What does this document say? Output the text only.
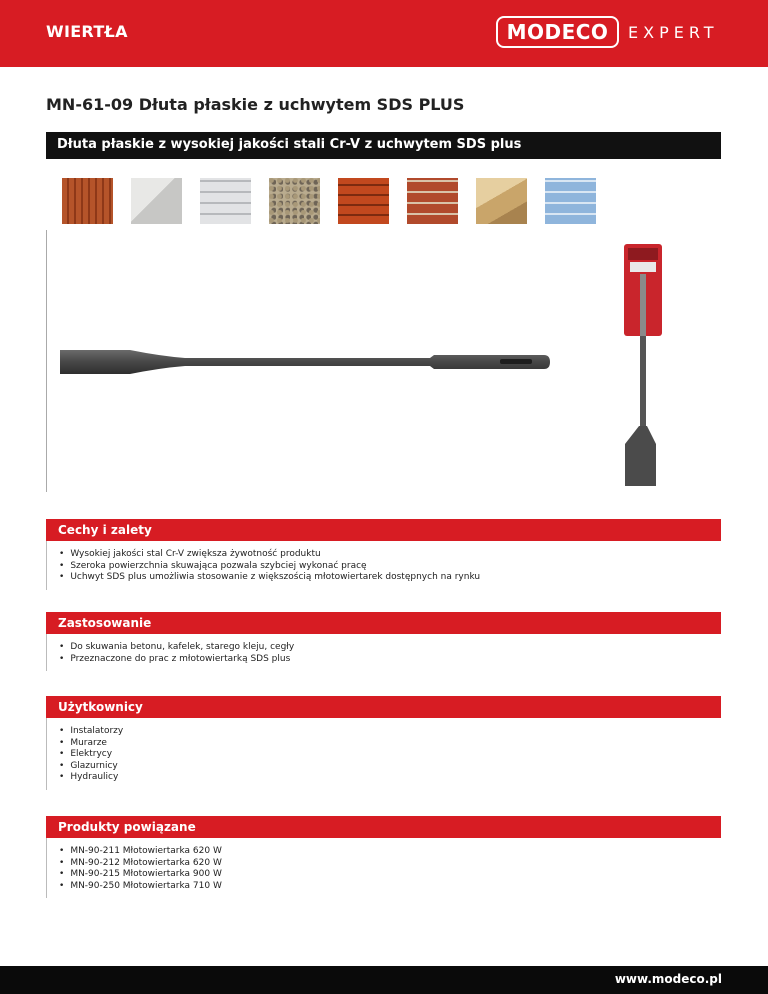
WIERTŁA	MODECO	EXPERT
MN-61-09 Dłuta płaskie z uchwytem SDS PLUS
Dłuta płaskie z wysokiej jakości stali Cr-V z uchwytem SDS plus
Cechy i zalety
• Wysokiej jakości stal Cr-V zwiększa żywotność produktu
• Szeroka powierzchnia skuwająca pozwala szybciej wykonać pracę
• Uchwyt SDS plus umożliwia stosowanie z większością młotowiertarek dostępnych na rynku
Zastosowanie
• Do skuwania betonu, kafelek, starego kleju, cegły
• Przeznaczone do prac z młotowiertarką SDS plus
Użytkownicy
• Instalatorzy
• Murarze
• Elektrycy
• Glazurnicy
• Hydraulicy
Produkty powiązane
• MN-90-211 Młotowiertarka 620 W
• MN-90-212 Młotowiertarka 620 W
• MN-90-215 Młotowiertarka 900 W
• MN-90-250 Młotowiertarka 710 W
www.modeco.pl
